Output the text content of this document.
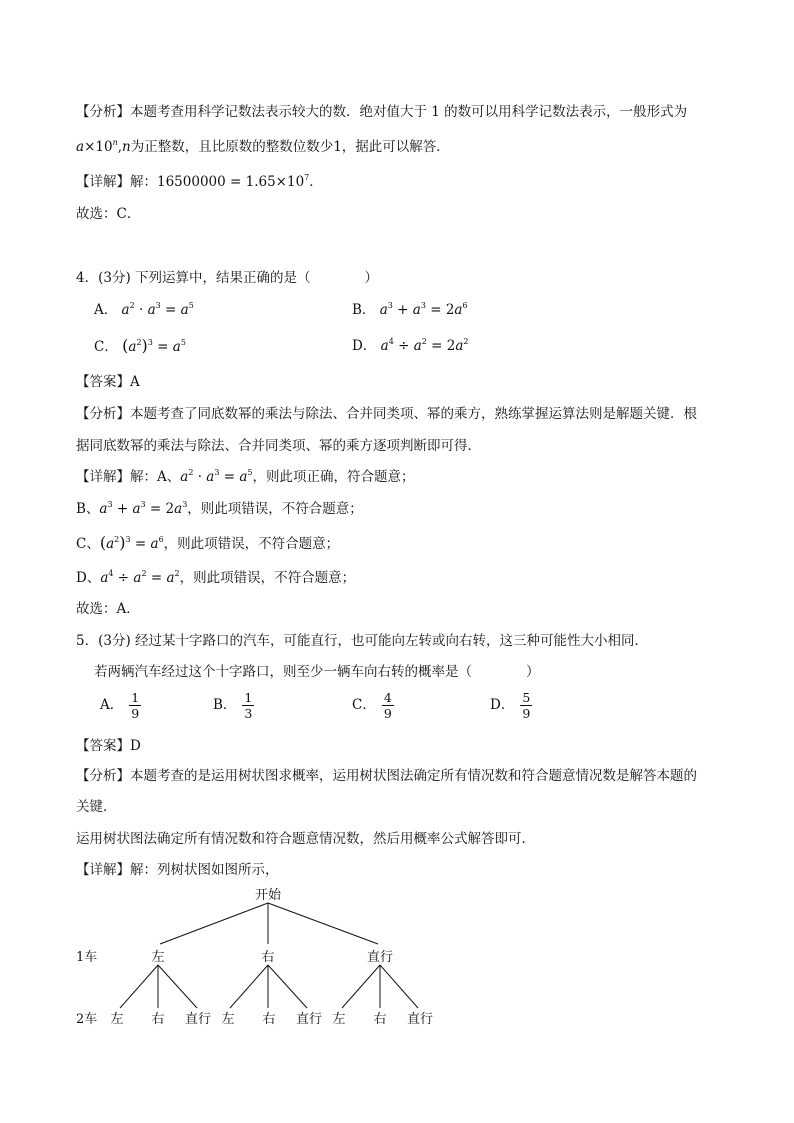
【分析】本题考查用科学记数法表示较大的数．绝对值大于 1 的数可以用科学记数法表示，一般形式为
$a\times 10^n,n$为正整数，且比原数的整数位数少1，据此可以解答．
【详解】解：$16500000 = 1.65\times 10^7$．
故选：C．
4．(3分) 下列运算中，结果正确的是（　　　　）
A． $a^2 \cdot a^3 = a^5$	B． $a^3 + a^3 = 2a^6$
C． $(a^2)^3 = a^5$	D． $a^4 \div a^2 = 2a^2$
【答案】A
【分析】本题考查了同底数幂的乘法与除法、合并同类项、幂的乘方，熟练掌握运算法则是解题关键．根
据同底数幂的乘法与除法、合并同类项、幂的乘方逐项判断即可得．
【详解】解：A、$a^2 \cdot a^3 = a^5$，则此项正确，符合题意；
B、$a^3 + a^3 = 2a^3$，则此项错误，不符合题意；
C、$(a^2)^3 = a^6$，则此项错误，不符合题意；
D、$a^4 \div a^2 = a^2$，则此项错误，不符合题意；
故选：A．
5．(3分) 经过某十字路口的汽车，可能直行，也可能向左转或向右转，这三种可能性大小相同．
若两辆汽车经过这个十字路口，则至少一辆车向右转的概率是（　　　　）
A． $\frac{1}{9}$	B． $\frac{1}{3}$	C． $\frac{4}{9}$	D． $\frac{5}{9}$
【答案】D
【分析】本题考查的是运用树状图求概率，运用树状图法确定所有情况数和符合题意情况数是解答本题的
关键．
运用树状图法确定所有情况数和符合题意情况数，然后用概率公式解答即可．
【详解】解：列树状图如图所示，
开始
1车	左	右	直行
2车 左 右 直行 左 右 直行 左 右 直行
